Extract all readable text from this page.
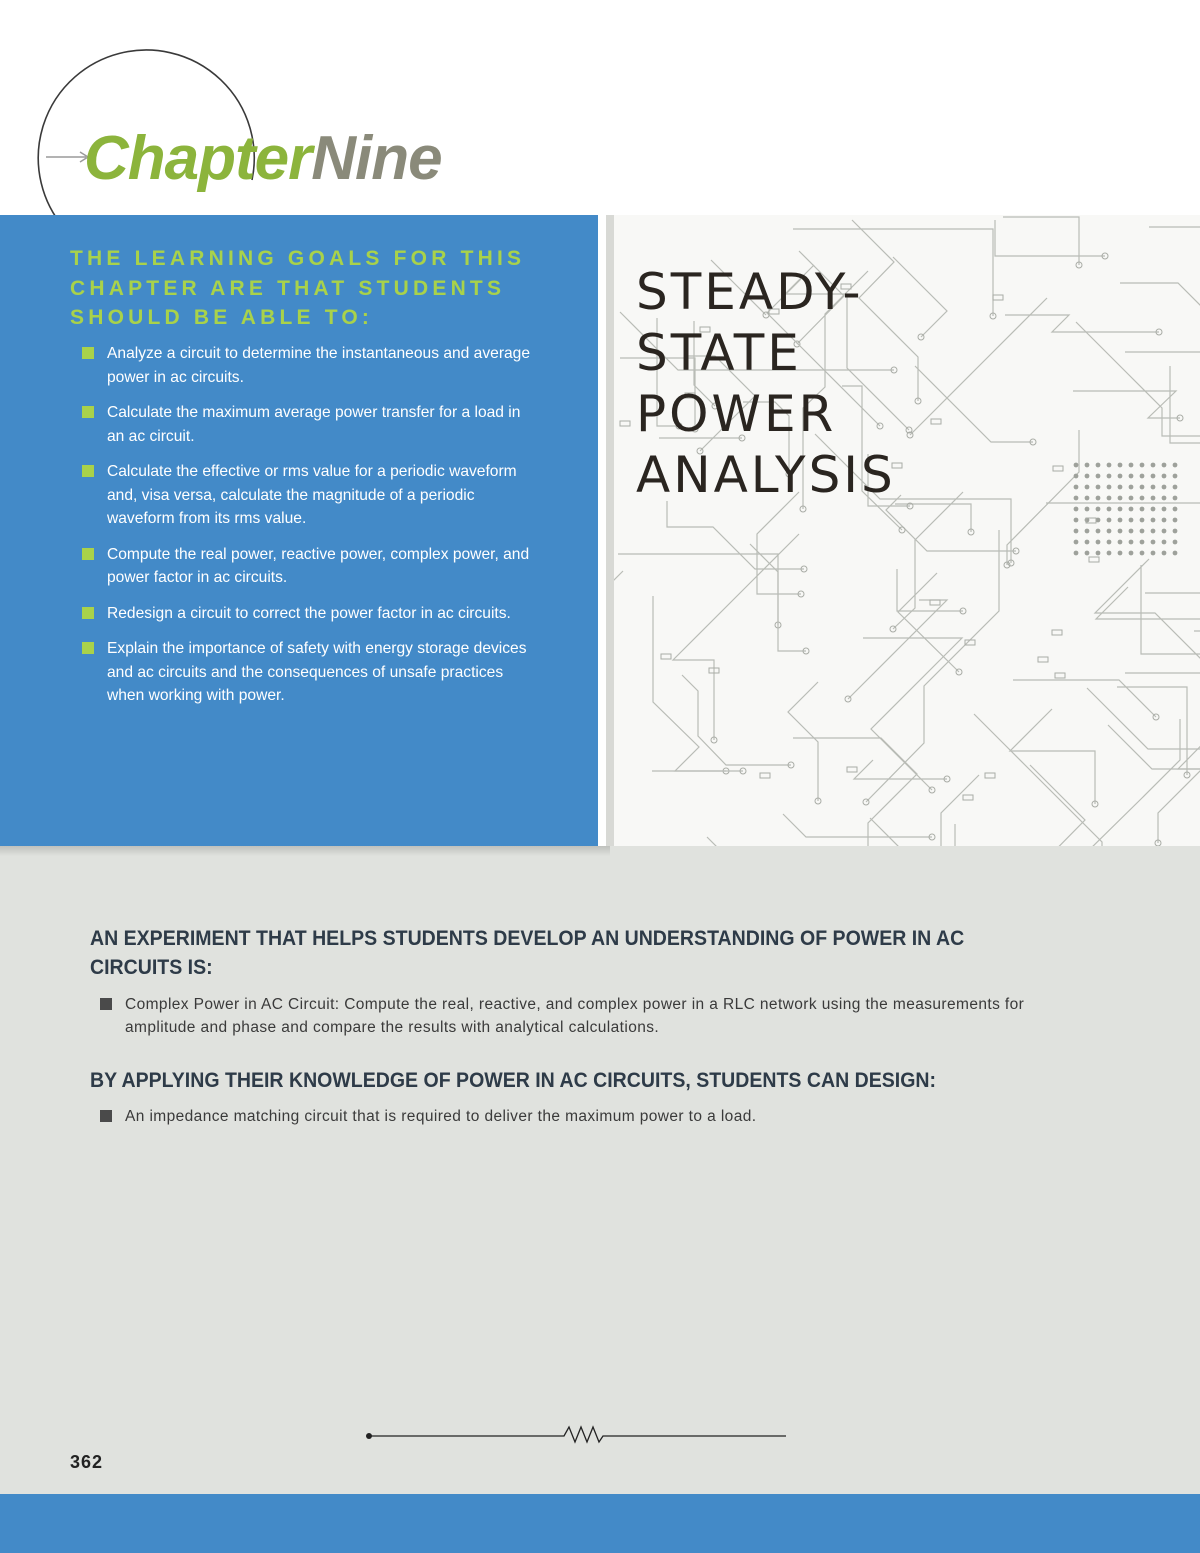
ChapterNine
THE LEARNING GOALS FOR THIS CHAPTER ARE THAT STUDENTS SHOULD BE ABLE TO:
Analyze a circuit to determine the instantaneous and average power in ac circuits.
Calculate the maximum average power transfer for a load in an ac circuit.
Calculate the effective or rms value for a periodic waveform and, visa versa, calculate the magnitude of a periodic waveform from its rms value.
Compute the real power, reactive power, complex power, and power factor in ac circuits.
Redesign a circuit to correct the power factor in ac circuits.
Explain the importance of safety with energy storage devices and ac circuits and the consequences of unsafe practices when working with power.
STEADY-
STATE
POWER
ANALYSIS
AN EXPERIMENT THAT HELPS STUDENTS DEVELOP AN UNDERSTANDING OF POWER IN AC CIRCUITS IS:

Complex Power in AC Circuit: Compute the real, reactive, and complex power in a RLC network using the measurements for amplitude and phase and compare the results with analytical calculations.

BY APPLYING THEIR KNOWLEDGE OF POWER IN AC CIRCUITS, STUDENTS CAN DESIGN:

An impedance matching circuit that is required to deliver the maximum power to a load.

362
